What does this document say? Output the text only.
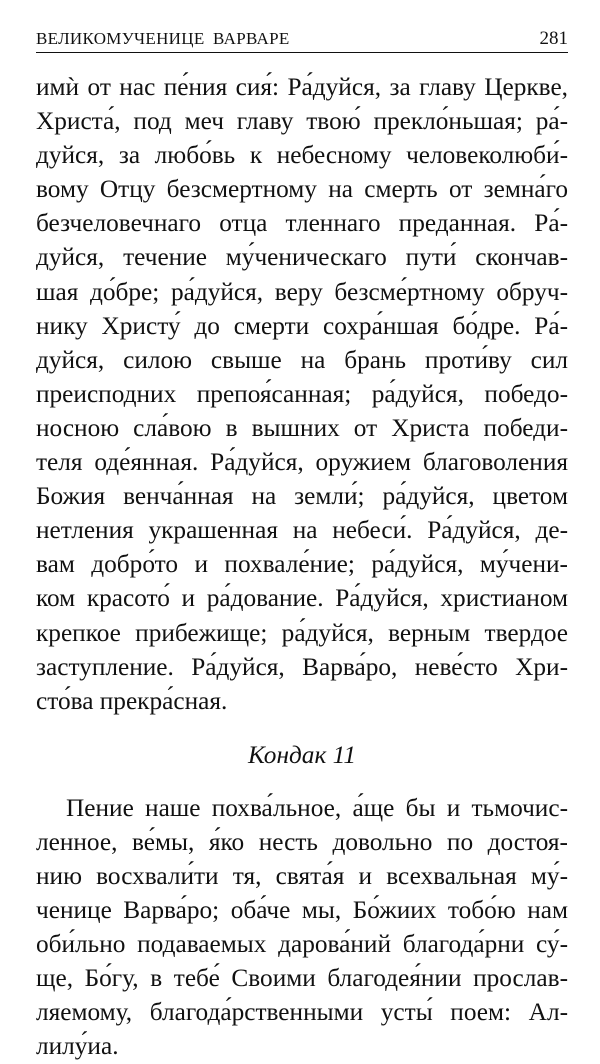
ВЕЛИКОМУЧЕНИЦЕ ВАРВАРЕ	281
имѝ от нас пе́ния сия́: Ра́дуйся, за главу Церкве,
Христа́, под меч главу твою́ прекло́ньшая; ра́-
дуйся, за любо́вь к небесному человеколюби́-
вому Отцу безсмертному на смерть от земна́го
безчеловечнаго отца тленнаго преданная. Ра́-
дуйся, течение му́ченическаго пути́ скончав-
шая до́бре; ра́дуйся, веру безсме́ртному обруч-
нику Христу́ до смерти сохра́ншая бо́дре. Ра́-
дуйся, силою свыше на брань проти́ву сил
преисподних препоя́санная; ра́дуйся, победо-
носною сла́вою в вышних от Христа победи-
теля оде́янная. Ра́дуйся, оружием благоволения
Божия венча́нная на земли́; ра́дуйся, цветом
нетления украшенная на небеси́. Ра́дуйся, де-
вам добро́то и похвале́ние; ра́дуйся, му́чени-
ком красото́ и ра́дование. Ра́дуйся, христианом
крепкое прибежище; ра́дуйся, верным твердое
заступление. Ра́дуйся, Варва́ро, неве́сто Хри-
сто́ва прекра́сная.
Кондак 11
Пение наше похва́льное, а́ще бы и тьмочис-
ленное, ве́мы, я́ко несть довольно по достоя-
нию восхвали́ти тя, свята́я и всехвальная му́-
ченице Варва́ро; оба́че мы, Бо́жиих тобо́ю нам
оби́льно подаваемых дарова́ний благода́рни су́-
ще, Бо́гу, в тебе́ Своими благодея́нии прослав-
ляемому, благода́рственными усты́ поем: Ал-
лилу́иа.
